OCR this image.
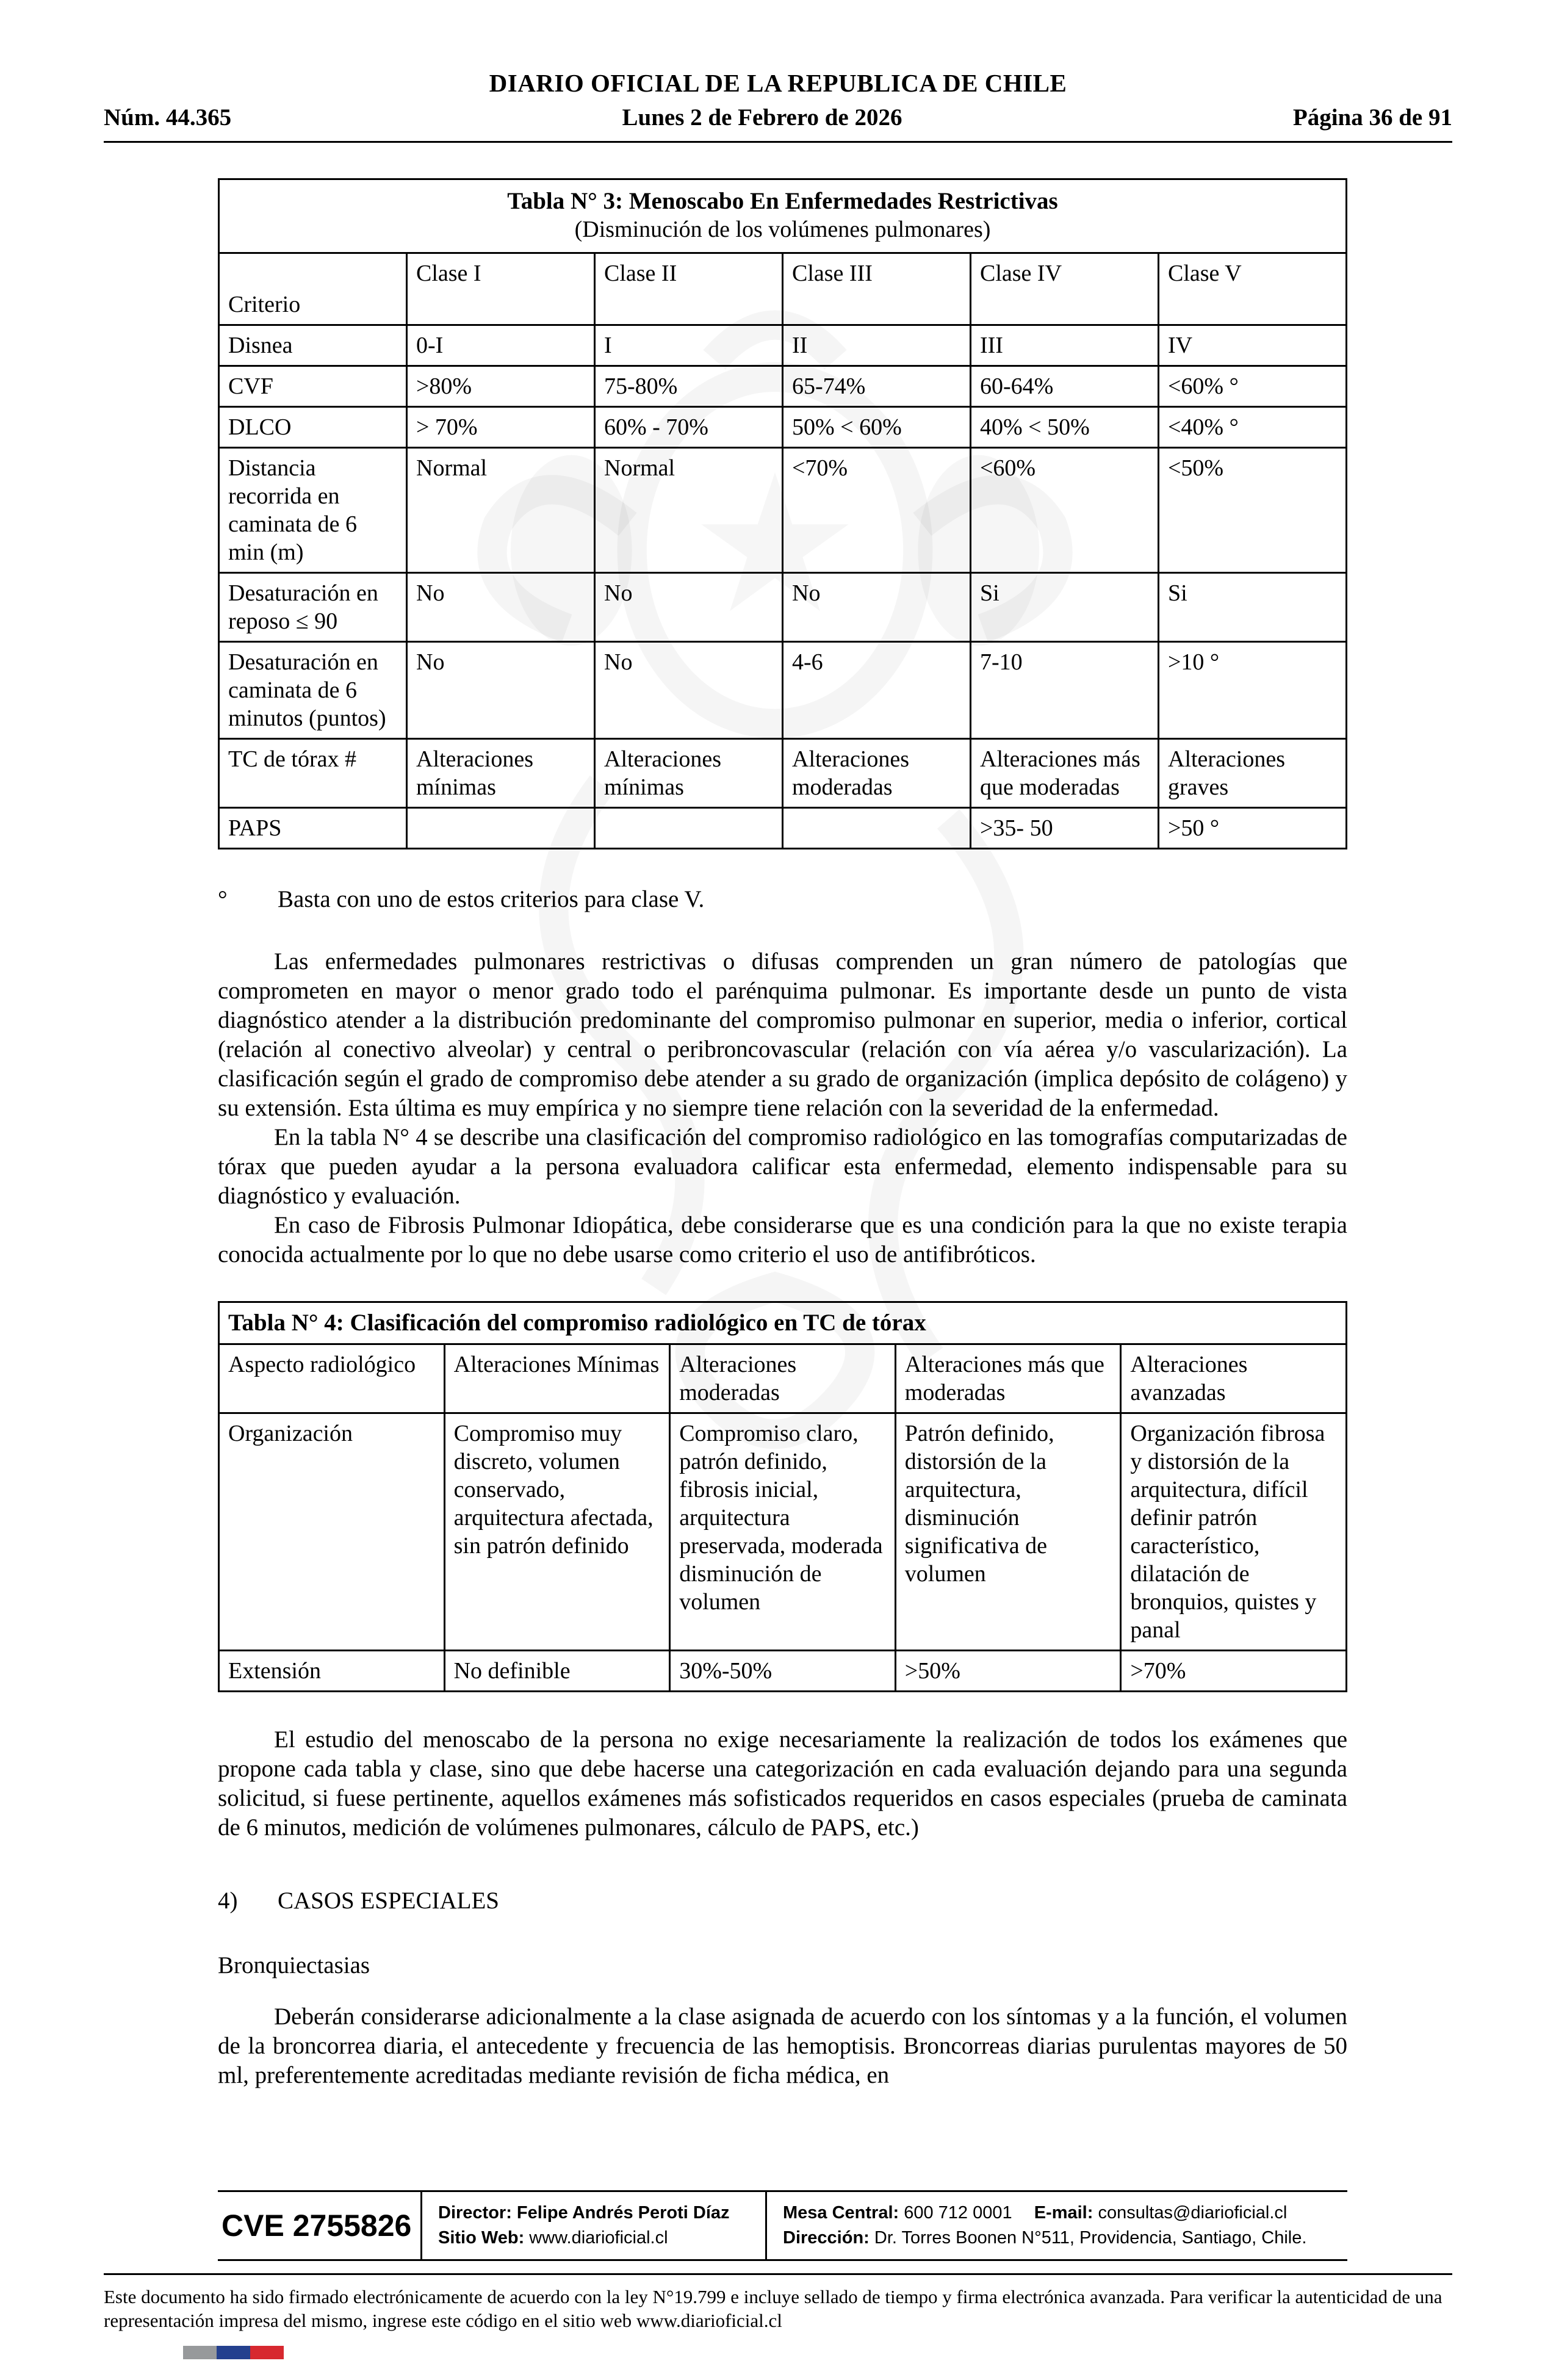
DIARIO OFICIAL DE LA REPUBLICA DE CHILE
Núm. 44.365	Lunes 2 de Febrero de 2026	Página 36 de 91
Tabla N° 3: Menoscabo En Enfermedades Restrictivas
(Disminución de los volúmenes pulmonares)					

Criterio	Clase I	Clase II	Clase III	Clase IV	Clase V
Disnea	0-I	I	II	III	IV
CVF	>80%	75-80%	65-74%	60-64%	<60% °
DLCO	> 70%	60% - 70%	50% < 60%	40% < 50%	<40% °
Distancia recorrida en caminata de 6 min (m)	Normal	Normal	<70%	<60%	<50%
Desaturación en reposo ≤ 90	No	No	No	Si	Si
Desaturación en caminata de 6 minutos (puntos)	No	No	4-6	7-10	>10 °
TC de tórax #	Alteraciones mínimas	Alteraciones mínimas	Alteraciones moderadas	Alteraciones más que moderadas	Alteraciones graves
PAPS				>35- 50	>50 °
°	Basta con uno de estos criterios para clase V.

Las enfermedades pulmonares restrictivas o difusas comprenden un gran número de patologías que comprometen en mayor o menor grado todo el parénquima pulmonar. Es importante desde un punto de vista diagnóstico atender a la distribución predominante del compromiso pulmonar en superior, media o inferior, cortical (relación al conectivo alveolar) y central o peribroncovascular (relación con vía aérea y/o vascularización). La clasificación según el grado de compromiso debe atender a su grado de organización (implica depósito de colágeno) y su extensión. Esta última es muy empírica y no siempre tiene relación con la severidad de la enfermedad.

En la tabla N° 4 se describe una clasificación del compromiso radiológico en las tomografías computarizadas de tórax que pueden ayudar a la persona evaluadora calificar esta enfermedad, elemento indispensable para su diagnóstico y evaluación.

En caso de Fibrosis Pulmonar Idiopática, debe considerarse que es una condición para la que no existe terapia conocida actualmente por lo que no debe usarse como criterio el uso de antifibróticos.

Tabla N° 4: Clasificación del compromiso radiológico en TC de tórax				
Aspecto radiológico	Alteraciones Mínimas	Alteraciones moderadas	Alteraciones más que moderadas	Alteraciones avanzadas
Organización	Compromiso muy discreto, volumen conservado, arquitectura afectada, sin patrón definido	Compromiso claro, patrón definido, fibrosis inicial, arquitectura preservada, moderada disminución de volumen	Patrón definido, distorsión de la arquitectura, disminución significativa de volumen	Organización fibrosa y distorsión de la arquitectura, difícil definir patrón característico, dilatación de bronquios, quistes y panal
Extensión	No definible	30%-50%	>50%	>70%

El estudio del menoscabo de la persona no exige necesariamente la realización de todos los exámenes que propone cada tabla y clase, sino que debe hacerse una categorización en cada evaluación dejando para una segunda solicitud, si fuese pertinente, aquellos exámenes más sofisticados requeridos en casos especiales (prueba de caminata de 6 minutos, medición de volúmenes pulmonares, cálculo de PAPS, etc.)

4)	CASOS ESPECIALES
Bronquiectasias

Deberán considerarse adicionalmente a la clase asignada de acuerdo con los síntomas y a la función, el volumen de la broncorrea diaria, el antecedente y frecuencia de las hemoptisis. Broncorreas diarias purulentas mayores de 50 ml, preferentemente acreditadas mediante revisión de ficha médica, en

CVE 2755826	Director: Felipe Andrés Peroti Díaz
Sitio Web: www.diarioficial.cl
Mesa Central: 600 712 0001 E-mail: consultas@diarioficial.cl
Dirección: Dr. Torres Boonen N°511, Providencia, Santiago, Chile.
Este documento ha sido firmado electrónicamente de acuerdo con la ley N°19.799 e incluye sellado de tiempo y firma electrónica avanzada. Para verificar la autenticidad de una representación impresa del mismo, ingrese este código en el sitio web www.diarioficial.cl
